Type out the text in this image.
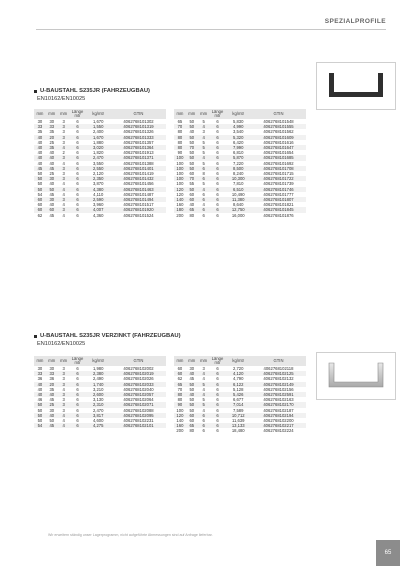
SPEZIALPROFILE
U-BAUSTAHL S235JR (FAHRZEUGBAU)
EN10162/EN10025
mm	mm	mm	Länge mtr	kg/mtr	GTIN
30	30	3	6	1,670	4062768101302
33	33	3	6	1,550	4062768101319
35	35	3	6	2,400	4062768101326
40	20	3	6	1,670	4062768101333
40	25	3	6	1,880	4062768101357
40	35	4	6	3,020	4062768101364
40	40	2	6	1,820	4062768101913
40	40	3	6	2,470	4062768101371
40	40	4	6	3,550	4062768101388
45	45	3	6	2,550	4062768101401
50	25	3	6	2,120	4062768101419
50	30	3	6	2,350	4062768101432
50	40	4	6	3,870	4062768101456
50	50	4	6	4,380	4062768101463
54	45	4	6	4,110	4062768101487
60	30	3	6	2,590	4062768101494
60	40	4	6	3,960	4062768101517
60	60	3	6	4,007	4062768101920
62	45	4	6	4,360	4062768101524
mm	mm	mm	Länge mtr	kg/mtr	GTIN
65	50	5	6	5,830	4062768101548
70	50	4	6	4,990	4062768101555
80	40	3	6	3,540	4062768101562
80	50	4	6	5,320	4062768101609
80	50	5	6	6,420	4062768101616
80	70	5	6	7,990	4062768101647
90	50	5	6	6,810	4062768101654
100	50	4	6	5,870	4062768101685
100	50	5	6	7,220	4062768101692
100	50	6	6	8,500	4062768101708
100	60	8	6	8,240	4062768101715
100	70	6	6	10,300	4062768101722
100	55	5	6	7,810	4062768101739
120	50	4	6	6,510	4062768101746
120	60	6	6	10,490	4062768101777
140	60	6	6	11,380	4062768101807
160	40	4	6	8,640	4062768101821
180	65	6	6	12,750	4062768101845
200	80	6	6	16,000	4062768101876
U-BAUSTAHL S235JR VERZINKT (FAHRZEUGBAU)
EN10162/EN10025
mm	mm	mm	Länge mtr	kg/mtr	GTIN
30	30	3	6	1,980	4062768102002
33	33	3	6	2,380	4062768102019
36	36	3	6	2,490	4062768102026
40	20	3	6	1,740	4062768102033
40	35	4	6	3,210	4062768102040
40	40	3	6	2,600	4062768102057
46	45	3	6	3,130	4062768102064
50	25	3	6	2,310	4062768102071
50	30	3	6	2,470	4062768102088
50	40	4	6	3,817	4062768102095
50	50	4	6	4,600	4062768102231
54	45	4	6	4,275	4062768102101
mm	mm	mm	Länge mtr	kg/mtr	GTIN
60	30	3	6	2,720	4062768102118
60	40	4	6	4,120	4062768102125
62	45	4	6	4,790	4062768102132
65	50	5	6	6,122	4062768102149
70	50	4	6	5,128	4062768102156
80	40	4	6	5,426	4062768102591
80	50	5	6	6,677	4062768102163
90	50	5	6	7,014	4062768102170
100	50	4	6	7,589	4062768102187
120	60	6	6	10,712	4062768102194
140	60	6	6	11,639	4062768102200
160	65	6	6	13,133	4062768102217
200	80	6	6	18,480	4062768102224
Wir erweitern ständig unser Lagerprogramm, nicht aufgeführte Abmessungen sind auf Anfrage lieferbar.
65
